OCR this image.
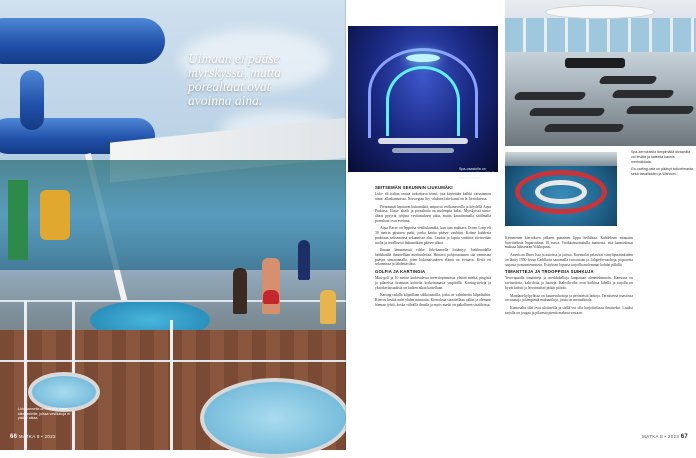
Uimaan ei pääse myrskyssä, mutta porealtaat ovat avoinna aina.
Lido-kannella on monelle lasten kiitespeleille, joissa vesiliukuja ei pääse aikaa.
66 MATKA 8 • 2023
Spa-osastolla on saunoja ja lämmittäviä hoitohuoneita.

Spa-kerroksella lämpimällä divaanilla voi levätä ja katsella kaunis merinäköala.

Go-carting-rata on pääsyt kokoelmasta, sekä taivallaiden ja Wahoon.

SEITSEMÄN SEKUNNIN LIUKUMÄKI

Lido- eli italian rantaa tarkoittava termi, jota käytetään kaikki varustamon uima- allaskannoissa. Norwegian Joy -aluksen lido-kansi on le. kerroksessa.

Pienimmät lapsiuvat liukumäkiä, antpuvat verikanavoilla ja köydellä Aqua Parkissa. Uima- altailt ja porealtaita on molempia kaksi. Myrskyissä uima-altaat pysyvät tyhjinä vesitustuksen takia, mutta kauniimmalla sääilmällä porealtaat ovat avoinna.

Aqua Racer on leppoisa vesiliukumäki, kun taas mahtava Ocean Loop eli 30 metrin pituinen putki, jonka kautta pääsee vauhtiin. Kolme kahdesta pudotaan seitsemässä sekunnissa alas. Laudaa ja lapsia vauhtiin tiivistetään tuolta ja tavallisesti liukumäkien pääsee ulkoa.

Ilmaan lämmetessä vilske lido-kannella lisääntyy. Jaakkuradalla helikkäällä ihmetellään merituulettaa. Hiirtävä pohjoismainen sää varmistaa pääsyn uimarannalla, joten kokonaisuuteen elämä on virtaava. Kiviä eri sekunnissa ja lähdettäväksi.

GOLFIA JA KARTINGIA

Mini-golf ja 10 metrin korkeudessa inversiopinnoista ylettää mieltä, pingistä ja pilareista tirumaan kohteita korkeimmasta ympärillä. Karting-tietoja ja yksinkertaisuuksia on kaiken aikaa katsellaan.

Karting-radalla kilpaillaan sähköautoilla, jotka on valmistettu kilpailuihin. Kierros kestää noin yhden minuutin. Kierroksia suositellaan väliin ja olemme hieman tylsiä, koska viileällä ilmalla ja myös maski on pakollinen sisätiloissa.

Kymmenen kierroksen jälkeen punainen lippu heilahtaa. Kahdeksan minuutin hurvittelusta huparoidaan 10 euroa. Varikkohuomatulla mainosta, että kannustimat maksaa lähiseuran Viikkopassi.

American Diner Issa ja autoissa ja jarissa. Ravintolat pelasivat viinylipustiinkiiden on läntty 1950-luvun Cadillacin sanomalla vuorostaan ja. Jalapeño-nachoja, popcornia sarjasta ja maustemaissia. Esityksen lopussa tarjoilla molemmat kohdat pilkillä.

TIMANTTEJA JA TROOPPISIA SUIHKUJA

Yerovapaalla timantteja ja merkkikelloja kaupataan alennushinnoin. Kansissa on ravintoloita, kahviloita ja baareja. Kahvila-tilat ovat kaikissa lähellä ja tarjolla on hyvät kahvit ja leivonnaiset pitkin päivää.

Mandara-kylpylässä on kauneushoitoja ja perinteisiä hoitoja. Termisessä osastossa on saunoja ja lämpimiä makuutiloja, joista on merinäköala.

Kuntosalin tilat ovat ulottuvilla ja siellä voi olla harjoittelussa ilmaiseksi. Lisäksi tarjolla on joogaa ja pilatesta pientä maksua vastaan.

MATKA 8 • 2023 67
